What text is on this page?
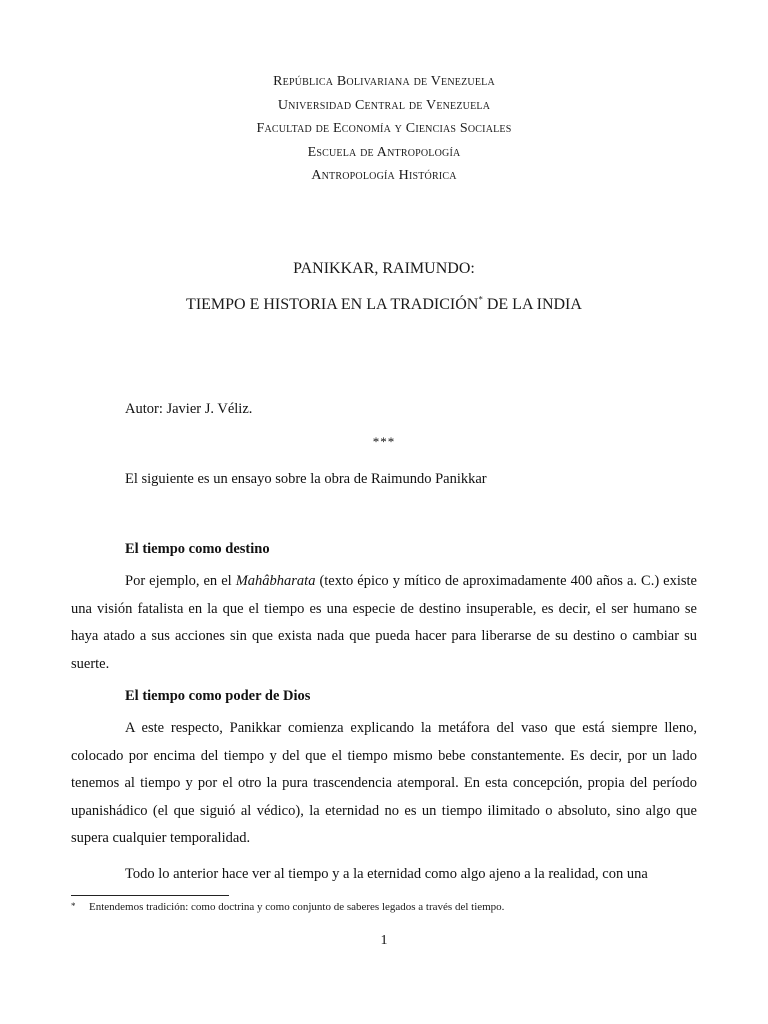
República Bolivariana de Venezuela
Universidad Central de Venezuela
Facultad de Economía y Ciencias Sociales
Escuela de Antropología
Antropología Histórica
PANIKKAR, RAIMUNDO:
TIEMPO E HISTORIA EN LA TRADICIÓN* DE LA INDIA
Autor: Javier J. Véliz.
***
El siguiente es un ensayo sobre la obra de Raimundo Panikkar
El tiempo como destino

Por ejemplo, en el Mahâbharata (texto épico y mítico de aproximadamente 400 años a. C.) existe una visión fatalista en la que el tiempo es una especie de destino insuperable, es decir, el ser humano se haya atado a sus acciones sin que exista nada que pueda hacer para liberarse de su destino o cambiar su suerte.

El tiempo como poder de Dios

A este respecto, Panikkar comienza explicando la metáfora del vaso que está siempre lleno, colocado por encima del tiempo y del que el tiempo mismo bebe constantemente. Es decir, por un lado tenemos al tiempo y por el otro la pura trascendencia atemporal. En esta concepción, propia del período upanishádico (el que siguió al védico), la eternidad no es un tiempo ilimitado o absoluto, sino algo que supera cualquier temporalidad.

Todo lo anterior hace ver al tiempo y a la eternidad como algo ajeno a la realidad, con una

* Entendemos tradición: como doctrina y como conjunto de saberes legados a través del tiempo.
1
